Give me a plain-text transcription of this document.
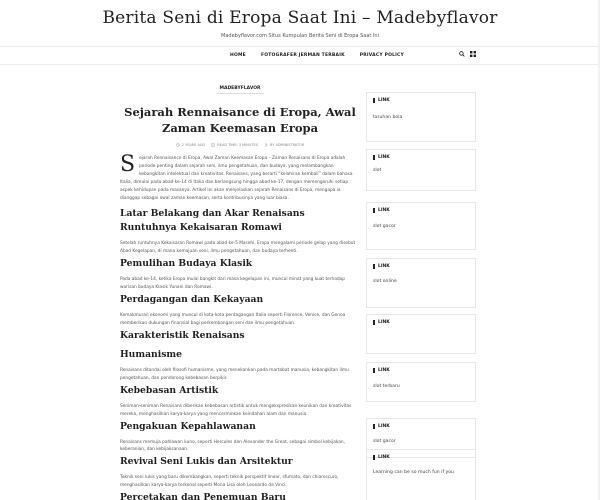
Berita Seni di Eropa Saat Ini – Madebyflavor
Madebyflavor.com Situs Kumpulan Berita Seni di Eropa Saat Ini
HOME	FOTOGRAFER JERMAN TERBAIK	PRIVACY POLICY
MADEBYFLAVOR
Sejarah Rennaisance di Eropa, Awal Zaman Keemasan Eropa
2 YEARS AGO	READ TIME: 3 MINUTES	BY ADMINISTRATOR
Sejarah Rennaisance di Eropa, Awal Zaman Keemasan Eropa – Zaman Renaisans di Eropa adalah periode penting dalam sejarah seni, ilmu pengetahuan, dan budaya, yang melambangkan kebangkitan intelektual dan kreativitas. Renaisans, yang berarti “kelahiran kembali” dalam bahasa Italia, dimulai pada abad ke-14 di Italia dan berlangsung hingga abad ke-17, dengan memengaruhi setiap aspek kehidupan pada masanya. Artikel ini akan menjelaskan sejarah Renaisans di Eropa, mengapa ia dianggap sebagai awal zaman keemasan, serta kontribusinya yang luar biasa.
Latar Belakang dan Akar Renaisans
Runtuhnya Kekaisaran Romawi

Setelah runtuhnya Kekaisaran Romawi pada abad ke-5 Masehi, Eropa mengalami periode gelap yang disebut Abad Kegelapan, di mana kemajuan seni, ilmu pengetahuan, dan budaya terhenti.

Pemulihan Budaya Klasik

Pada abad ke-14, ketika Eropa mulai bangkit dari masa kegelapan ini, muncul minat yang kuat terhadap warisan budaya Klasik Yunani dan Romawi.

Perdagangan dan Kekayaan

Kemakmuran ekonomi yang muncul di kota-kota perdagangan Italia seperti Florence, Venice, dan Genoa memberikan dukungan finansial bagi perkembangan seni dan ilmu pengetahuan.

Karakteristik Renaisans
Humanisme

Renaisans ditandai oleh filosofi humanisme, yang menekankan pada martabat manusia, kebangkitan ilmu pengetahuan, dan pendorong kebebasan berpikir.

Kebebasan Artistik

Seniman-seniman Renaisans diberikan kebebasan artistik untuk mengekspresikan keunikan dan kreativitas mereka, menghasilkan karya-karya yang mencerminkan keindahan alam dan manusia.

Pengakuan Kepahlawanan

Renaisans memuja pahlawan kuno, seperti Hercules dan Alexander the Great, sebagai simbol kebijakan, keberanian, dan kebijaksanaan.

Revival Seni Lukis dan Arsitektur

Teknik seni lukis yang baru dikembangkan, seperti teknik perspektif linear, sfumato, dan chiaroscuro, menghasilkan karya-karya terkenal seperti Mona Lisa oleh Leonardo da Vinci.

Percetakan dan Penemuan Baru
LINK
taruhan bola
LINK
slot
LINK
slot gacor
LINK
slot online
LINK
LINK
slot terbaru
LINK
slot gacor
LINK
Learning can be so much fun if you
